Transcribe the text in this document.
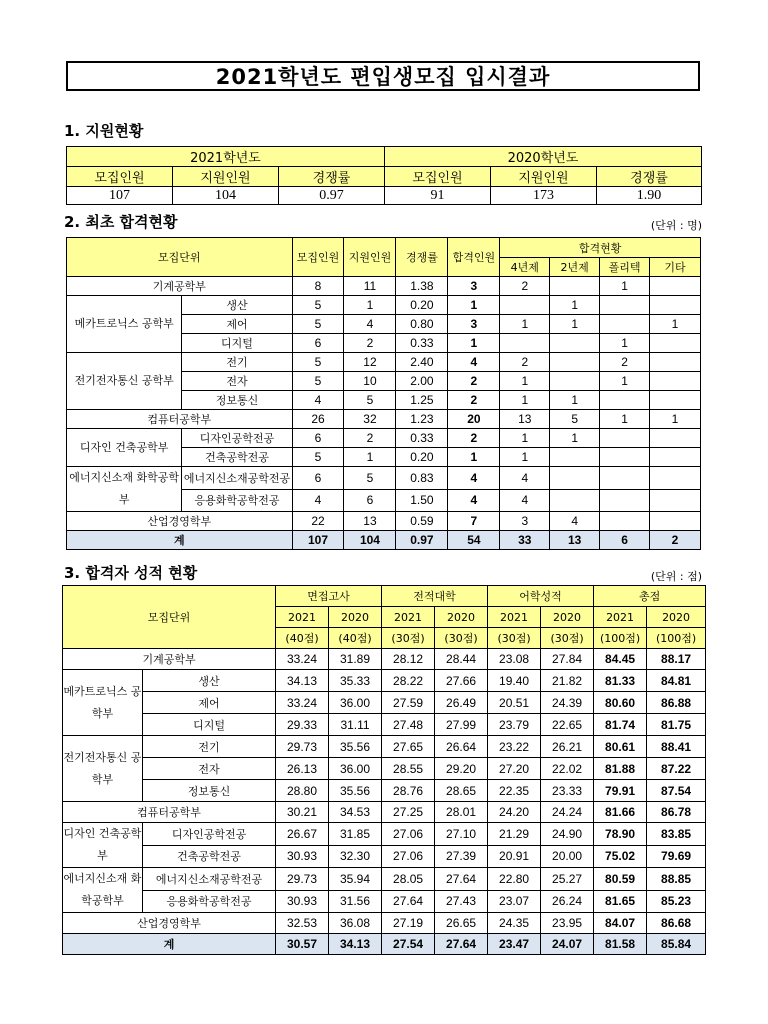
2021학년도 편입생모집 입시결과
1. 지원현황
2021학년도			2020학년도		
모집인원	지원인원	경쟁률	모집인원	지원인원	경쟁률
107	104	0.97	91	173	1.90
2. 최초 합격현황	(단위 : 명)
모집단위		모집인원	지원인원	경쟁률	합격인원	합격현황			
						4년제	2년제	폴리텍	기타
기계공학부		8	11	1.38	3	2		1	
메카트로닉스 공학부	생산	5	1	0.20	1		1		
	제어	5	4	0.80	3	1	1		1
	디지털	6	2	0.33	1			1	
전기전자통신 공학부	전기	5	12	2.40	4	2		2	
	전자	5	10	2.00	2	1		1	
	정보통신	4	5	1.25	2	1	1		
컴퓨터공학부		26	32	1.23	20	13	5	1	1
디자인 건축공학부	디자인공학전공	6	2	0.33	2	1	1		
	건축공학전공	5	1	0.20	1	1			
에너지신소재 화학공학부	에너지신소재공학전공	6	5	0.83	4	4			
	응용화학공학전공	4	6	1.50	4	4			
산업경영학부		22	13	0.59	7	3	4		
계		107	104	0.97	54	33	13	6	2
3. 합격자 성적 현황	(단위 : 점)
모집단위		면접고사		전적대학		어학성적		총점	
		2021	2020	2021	2020	2021	2020	2021	2020
		(40점)	(40점)	(30점)	(30점)	(30점)	(30점)	(100점)	(100점)
기계공학부		33.24	31.89	28.12	28.44	23.08	27.84	84.45	88.17
메카트로닉스 공학부	생산	34.13	35.33	28.22	27.66	19.40	21.82	81.33	84.81
	제어	33.24	36.00	27.59	26.49	20.51	24.39	80.60	86.88
	디지털	29.33	31.11	27.48	27.99	23.79	22.65	81.74	81.75
전기전자통신 공학부	전기	29.73	35.56	27.65	26.64	23.22	26.21	80.61	88.41
	전자	26.13	36.00	28.55	29.20	27.20	22.02	81.88	87.22
	정보통신	28.80	35.56	28.76	28.65	22.35	23.33	79.91	87.54
컴퓨터공학부		30.21	34.53	27.25	28.01	24.20	24.24	81.66	86.78
디자인 건축공학부	디자인공학전공	26.67	31.85	27.06	27.10	21.29	24.90	78.90	83.85
	건축공학전공	30.93	32.30	27.06	27.39	20.91	20.00	75.02	79.69
에너지신소재 화학공학부	에너지신소재공학전공	29.73	35.94	28.05	27.64	22.80	25.27	80.59	88.85
	응용화학공학전공	30.93	31.56	27.64	27.43	23.07	26.24	81.65	85.23
산업경영학부		32.53	36.08	27.19	26.65	24.35	23.95	84.07	86.68
계		30.57	34.13	27.54	27.64	23.47	24.07	81.58	85.84
